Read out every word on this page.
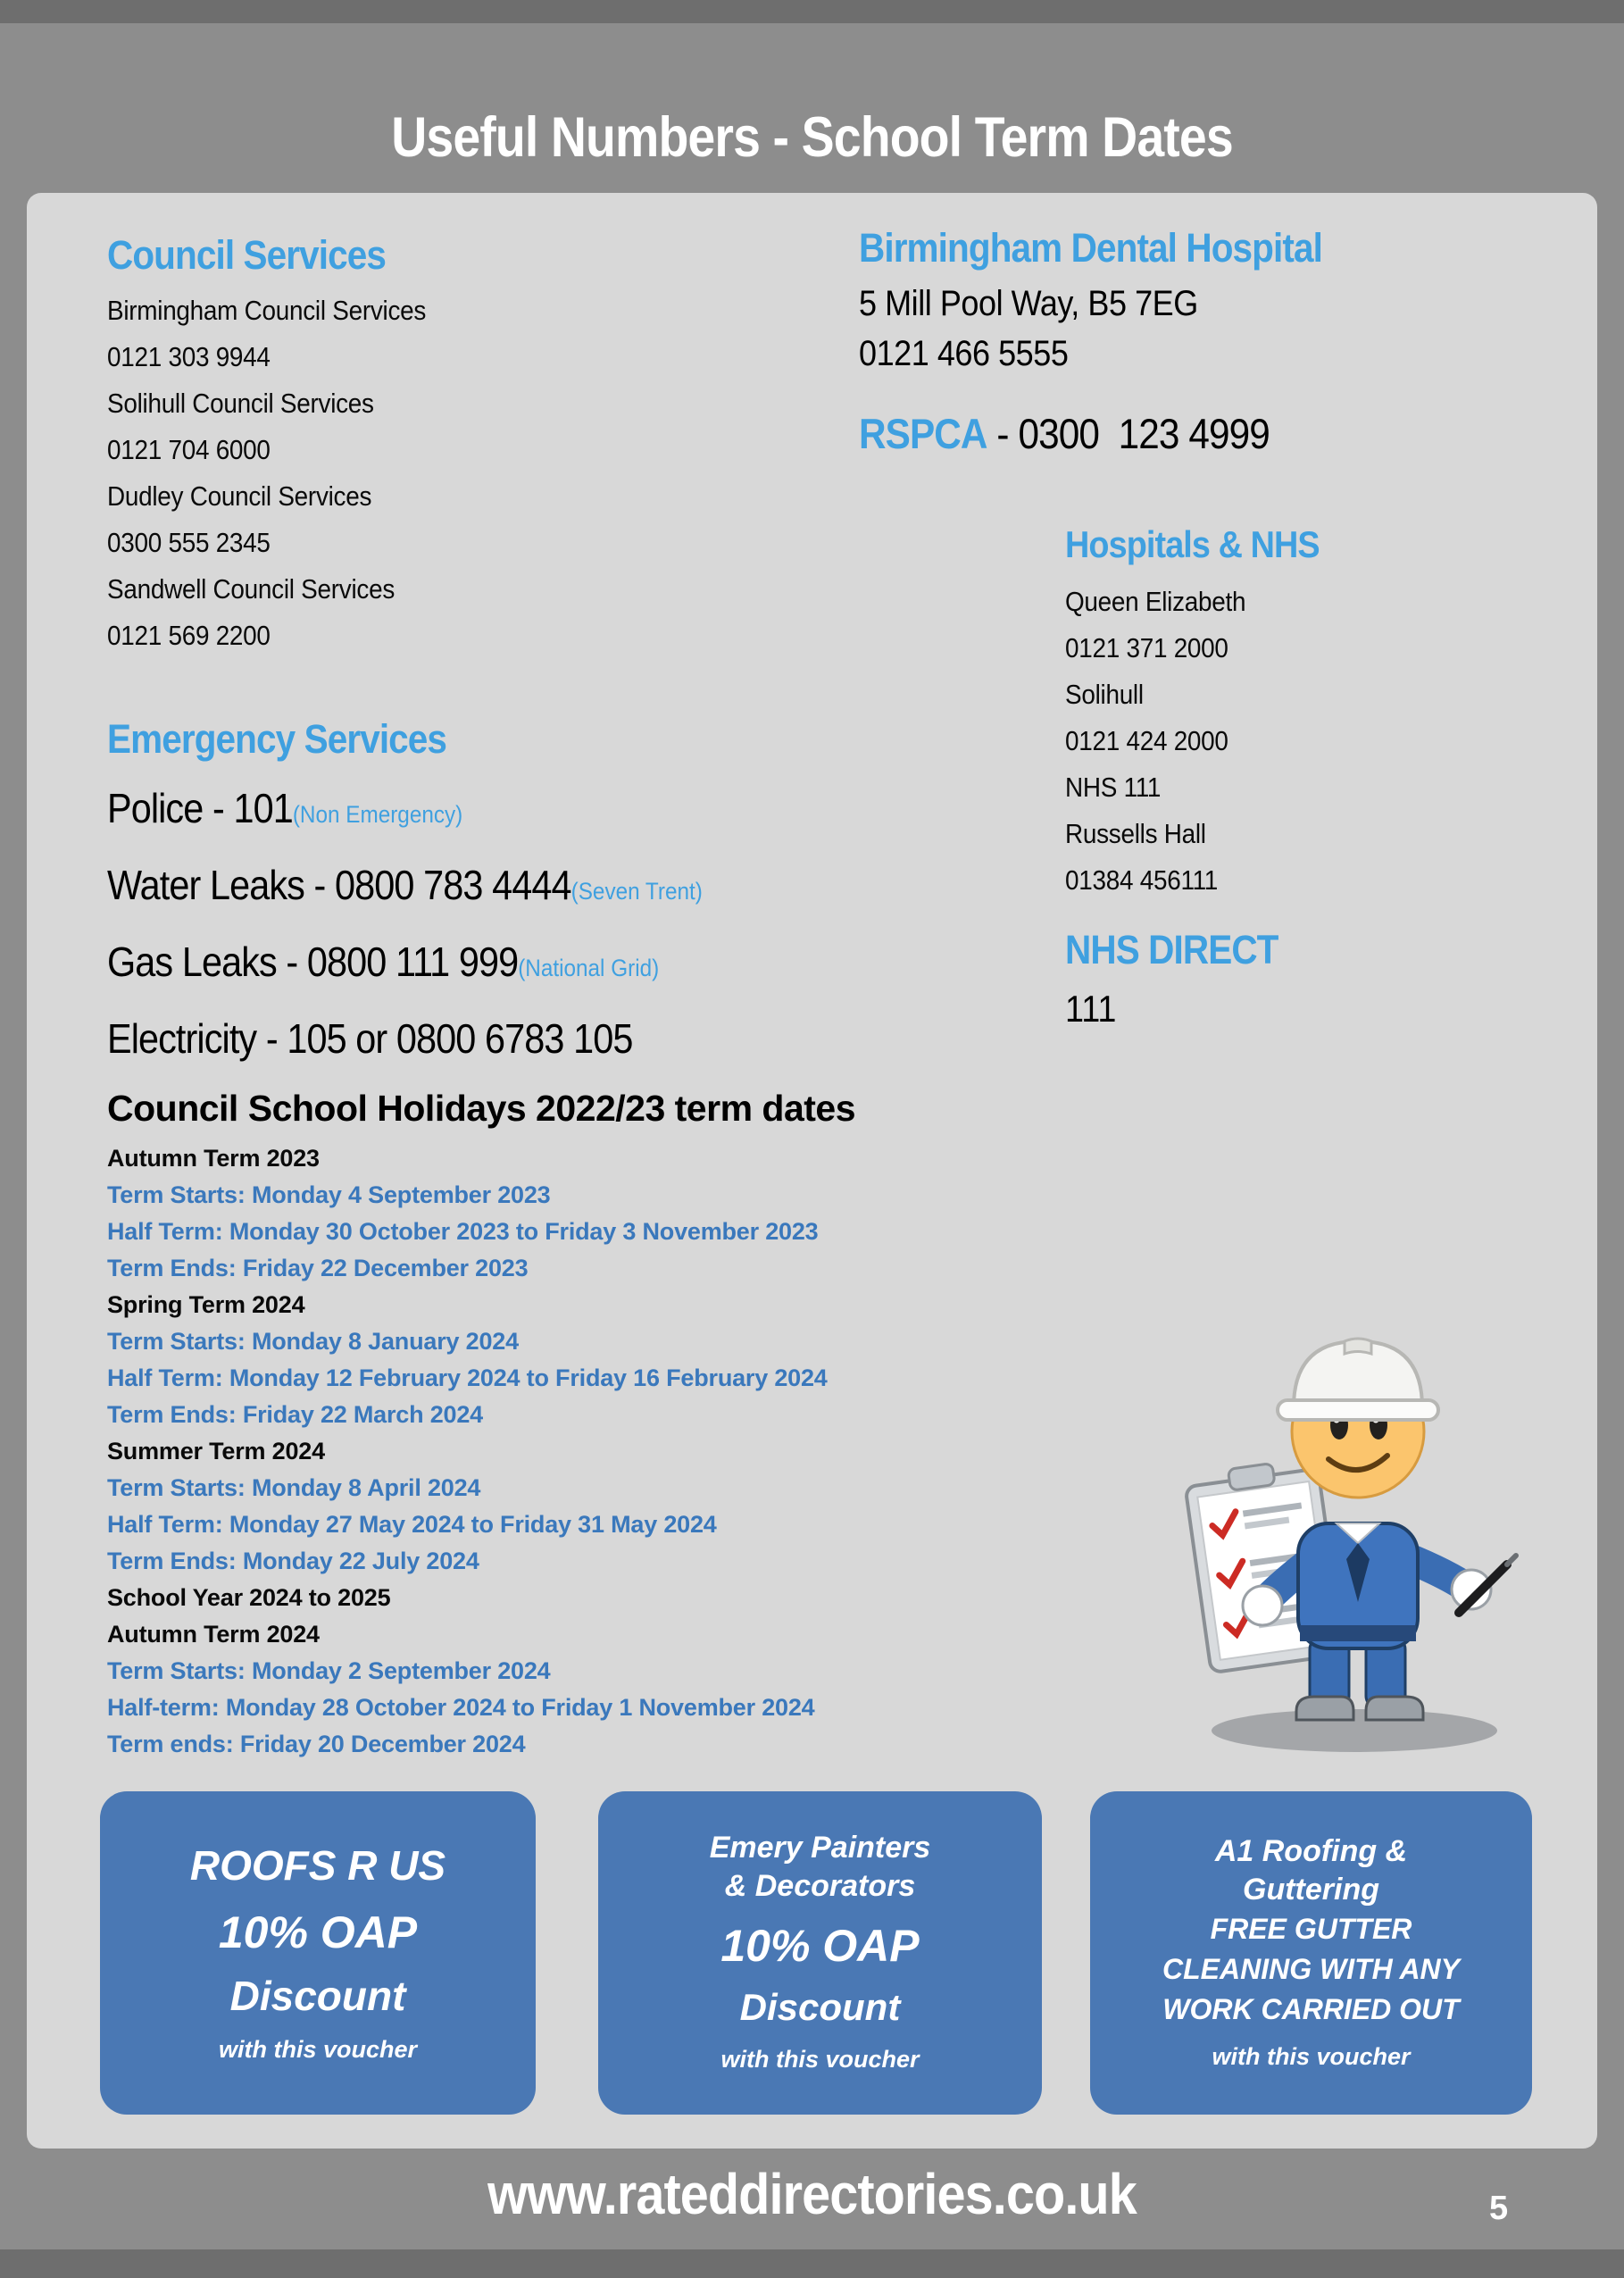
Useful Numbers - School Term Dates
Council Services
Birmingham Council Services
0121 303 9944
Solihull Council Services
0121 704 6000
Dudley Council Services
0300 555 2345
Sandwell Council Services
0121 569 2200
Birmingham Dental Hospital
5 Mill Pool Way, B5 7EG
0121 466 5555
RSPCA - 0300  123 4999
Hospitals & NHS
Queen Elizabeth
0121 371 2000
Solihull
0121 424 2000
NHS 111
Russells Hall
01384 456111
NHS DIRECT
111
Emergency Services
Police - 101(Non Emergency)
Water Leaks - 0800 783 4444(Seven Trent)
Gas Leaks - 0800 111 999(National Grid)
Electricity - 105 or 0800 6783 105
Council School Holidays 2022/23 term dates
Autumn Term 2023
Term Starts: Monday 4 September 2023
Half Term: Monday 30 October 2023 to Friday 3 November 2023
Term Ends: Friday 22 December 2023
Spring Term 2024
Term Starts: Monday 8 January 2024
Half Term: Monday 12 February 2024 to Friday 16 February 2024
Term Ends: Friday 22 March 2024
Summer Term 2024
Term Starts: Monday 8 April 2024
Half Term: Monday 27 May 2024 to Friday 31 May 2024
Term Ends: Monday 22 July 2024
School Year 2024 to 2025
Autumn Term 2024
Term Starts: Monday 2 September 2024
Half-term: Monday 28 October 2024 to Friday 1 November 2024
Term ends: Friday 20 December 2024
ROOFS R US
10% OAP
Discount
with this voucher
Emery Painters
& Decorators
10% OAP
Discount
with this voucher
A1 Roofing &
Guttering
FREE GUTTER
CLEANING WITH ANY
WORK CARRIED OUT
with this voucher
www.rateddirectories.co.uk	5
